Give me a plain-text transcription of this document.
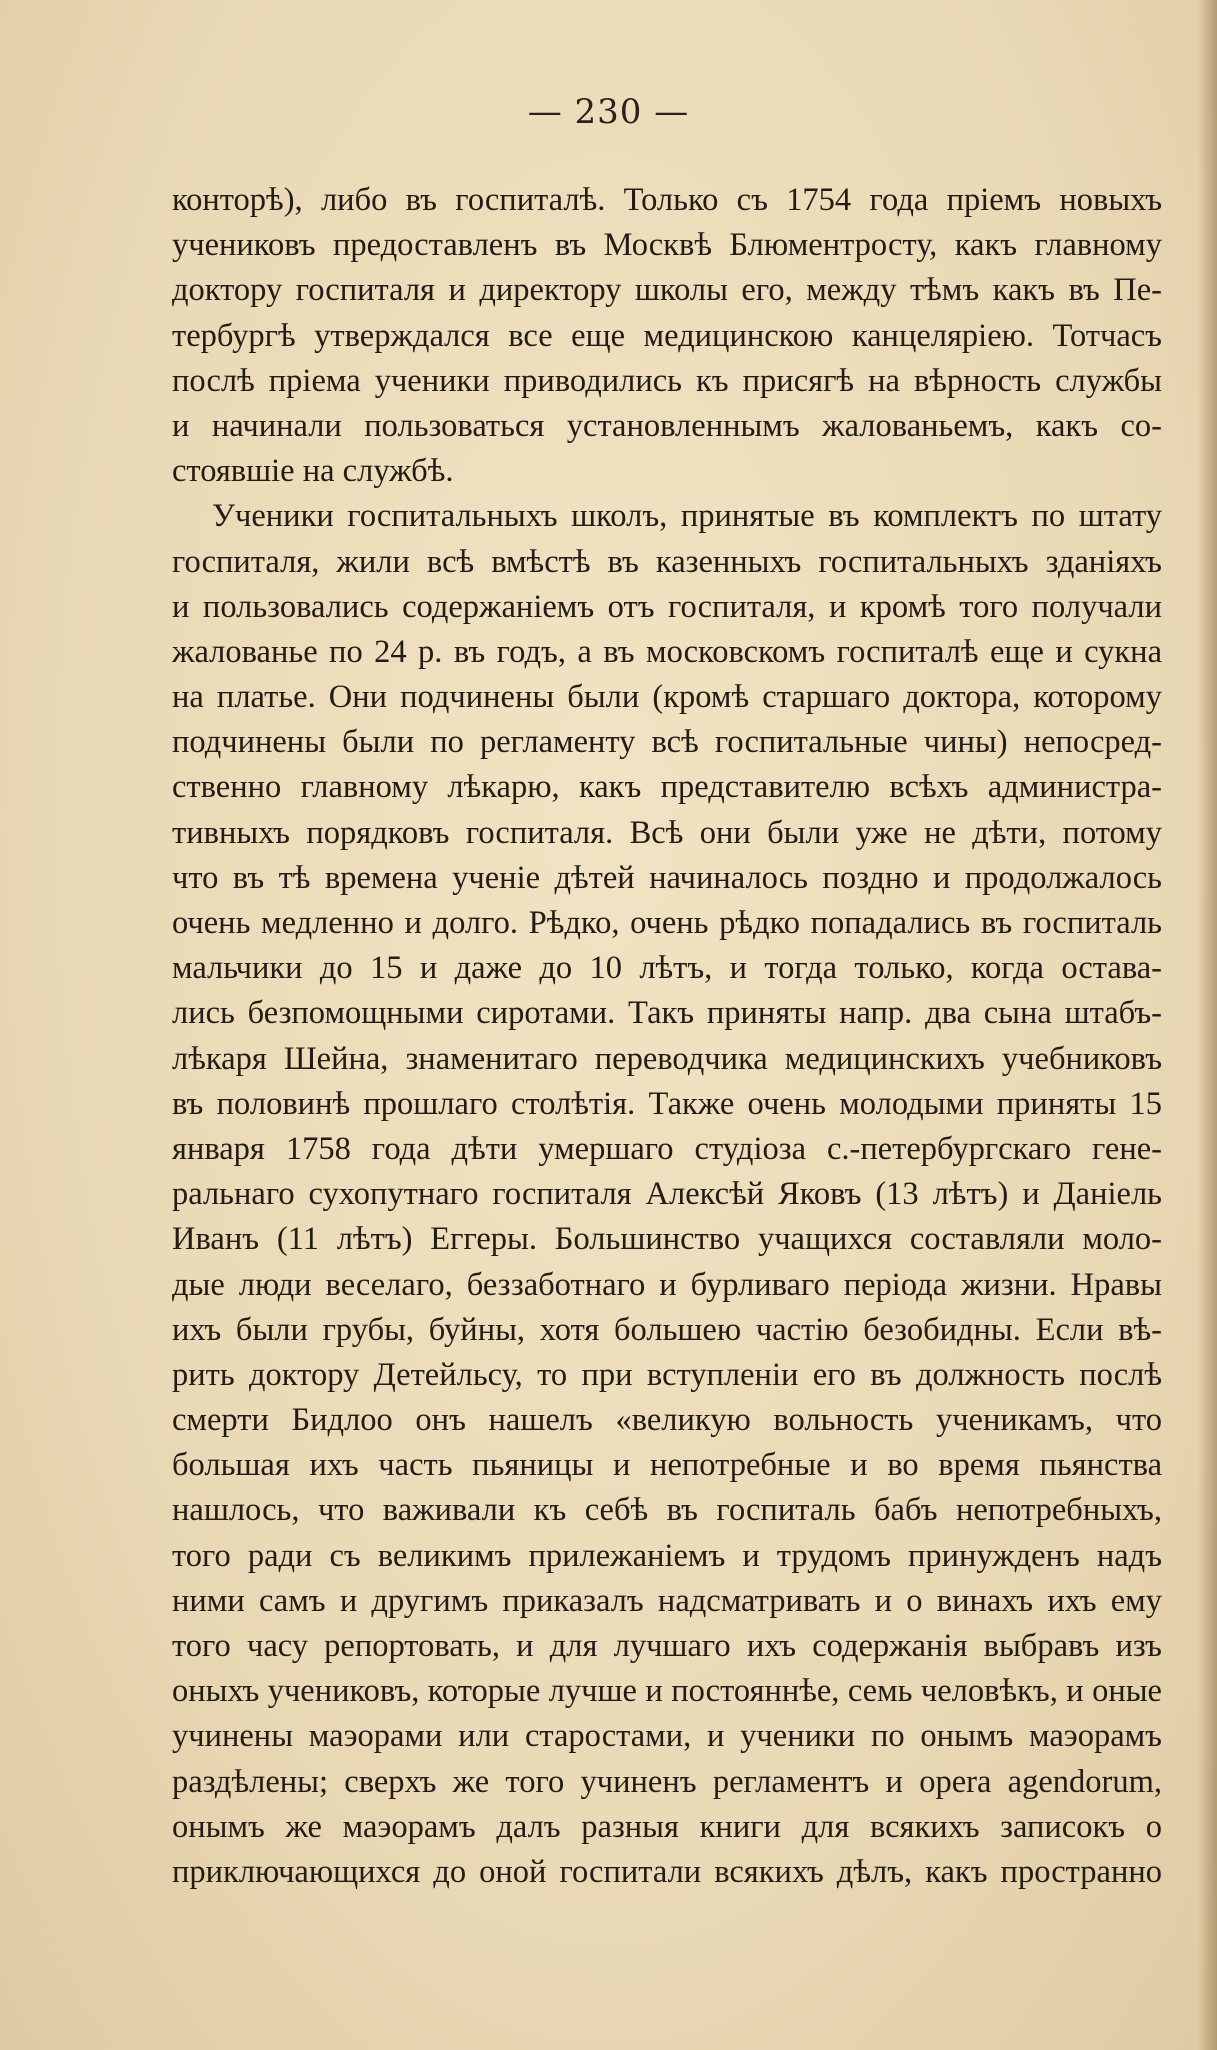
— 230 —
конторѣ), либо въ госпиталѣ. Только съ 1754 года пріемъ новыхъ
учениковъ предоставленъ въ Москвѣ Блюментросту, какъ главному
доктору госпиталя и директору школы его, между тѣмъ какъ въ Пе-
тербургѣ утверждался все еще медицинскою канцеляріею. Тотчасъ
послѣ пріема ученики приводились къ присягѣ на вѣрность службы
и начинали пользоваться установленнымъ жалованьемъ, какъ со-
стоявшіе на службѣ.
Ученики госпитальныхъ школъ, принятые въ комплектъ по штату
госпиталя, жили всѣ вмѣстѣ въ казенныхъ госпитальныхъ зданіяхъ
и пользовались содержаніемъ отъ госпиталя, и кромѣ того получали
жалованье по 24 р. въ годъ, а въ московскомъ госпиталѣ еще и сукна
на платье. Они подчинены были (кромѣ старшаго доктора, которому
подчинены были по регламенту всѣ госпитальные чины) непосред-
ственно главному лѣкарю, какъ представителю всѣхъ администра-
тивныхъ порядковъ госпиталя. Всѣ они были уже не дѣти, потому
что въ тѣ времена ученіе дѣтей начиналось поздно и продолжалось
очень медленно и долго. Рѣдко, очень рѣдко попадались въ госпиталь
мальчики до 15 и даже до 10 лѣтъ, и тогда только, когда остава-
лись безпомощными сиротами. Такъ приняты напр. два сына штабъ-
лѣкаря Шейна, знаменитаго переводчика медицинскихъ учебниковъ
въ половинѣ прошлаго столѣтія. Также очень молодыми приняты 15
января 1758 года дѣти умершаго студіоза с.-петербургскаго гене-
ральнаго сухопутнаго госпиталя Алексѣй Яковъ (13 лѣтъ) и Даніель
Иванъ (11 лѣтъ) Еггеры. Большинство учащихся составляли моло-
дые люди веселаго, беззаботнаго и бурливаго періода жизни. Нравы
ихъ были грубы, буйны, хотя большею частію безобидны. Если вѣ-
рить доктору Детейльсу, то при вступленіи его въ должность послѣ
смерти Бидлоо онъ нашелъ «великую вольность ученикамъ, что
большая ихъ часть пьяницы и непотребные и во время пьянства
нашлось, что важивали къ себѣ въ госпиталь бабъ непотребныхъ,
того ради съ великимъ прилежаніемъ и трудомъ принужденъ надъ
ними самъ и другимъ приказалъ надсматривать и о винахъ ихъ ему
того часу репортовать, и для лучшаго ихъ содержанія выбравъ изъ
оныхъ учениковъ, которые лучше и постояннѣе, семь человѣкъ, и оные
учинены маэорами или старостами, и ученики по онымъ маэорамъ
раздѣлены; сверхъ же того учиненъ регламентъ и opera agendorum,
онымъ же маэорамъ далъ разныя книги для всякихъ записокъ о
приключающихся до оной госпитали всякихъ дѣлъ, какъ пространно
